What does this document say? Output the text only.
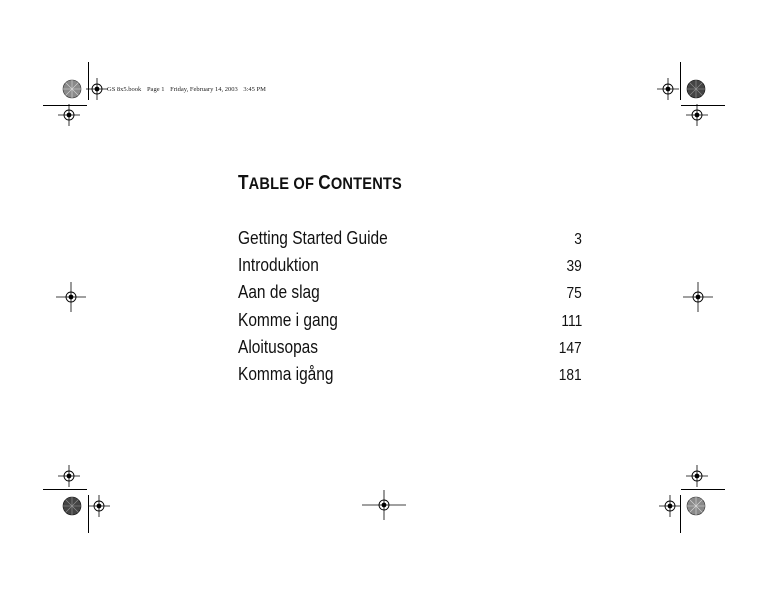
GS 8x5.book Page 1 Friday, February 14, 2003 3:45 PM
TABLE OF CONTENTS
Getting Started Guide	3
Introduktion	39
Aan de slag	75
Komme i gang	111
Aloitusopas	147
Komma igång	181
